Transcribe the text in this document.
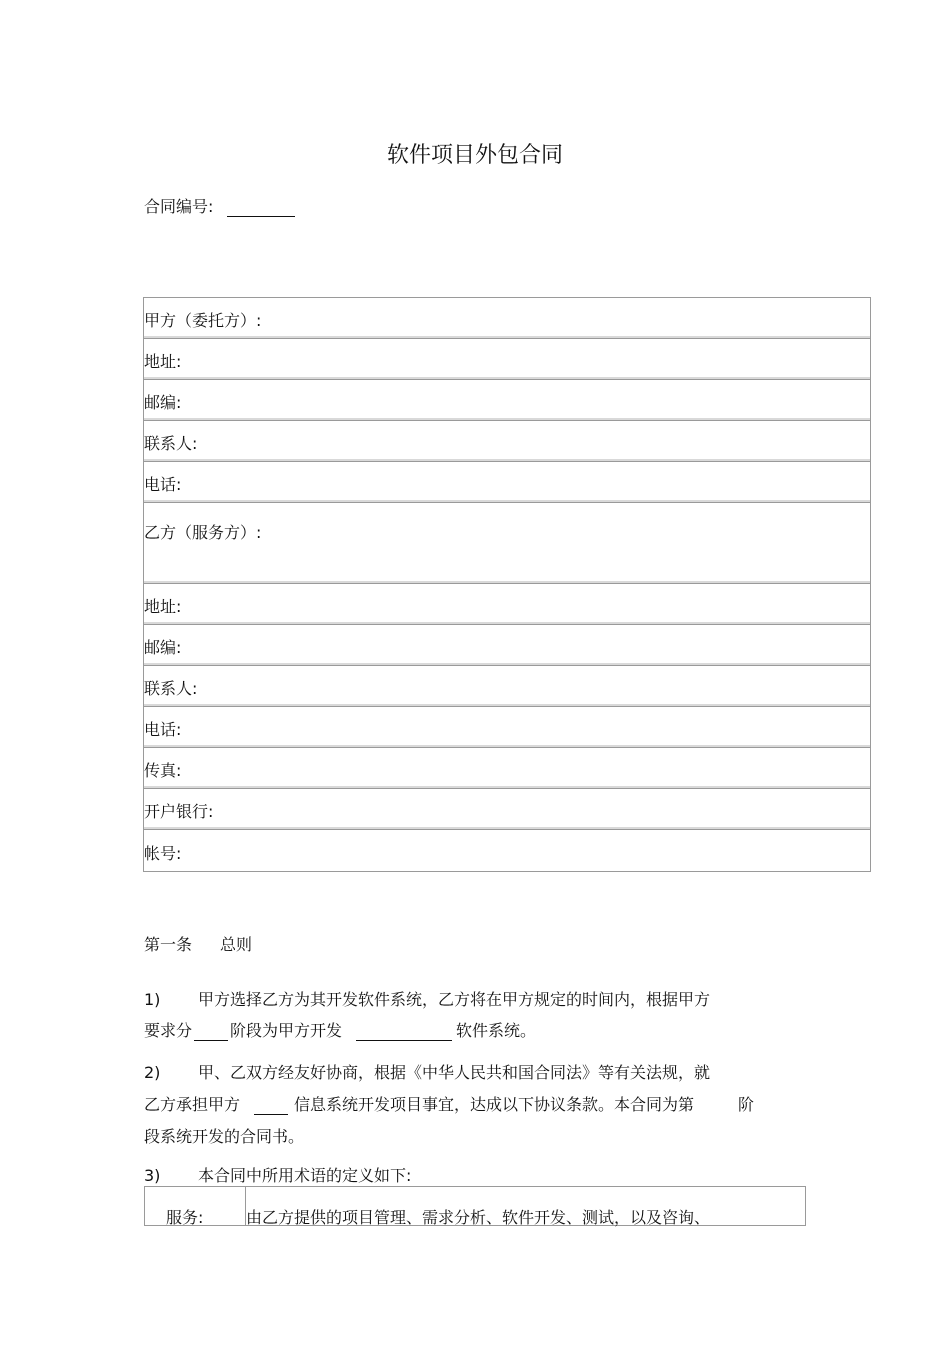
软件项目外包合同
合同编号:
甲方（委托方）:
地址:
邮编:
联系人:
电话:
乙方（服务方）:
地址:
邮编:
联系人:
电话:
传真:
开户银行:
帐号:
第一条 总则
1) 甲方选择乙方为其开发软件系统，乙方将在甲方规定的时间内，根据甲方
要求分 阶段为甲方开发	软件系统。
2) 甲、乙双方经友好协商，根据《中华人民共和国合同法》等有关法规，就
乙方承担甲方	信息系统开发项目事宜，达成以下协议条款。本合同为第	阶
段系统开发的合同书。
3) 本合同中所用术语的定义如下:
服务:	由乙方提供的项目管理、需求分析、软件开发、测试，以及咨询、
